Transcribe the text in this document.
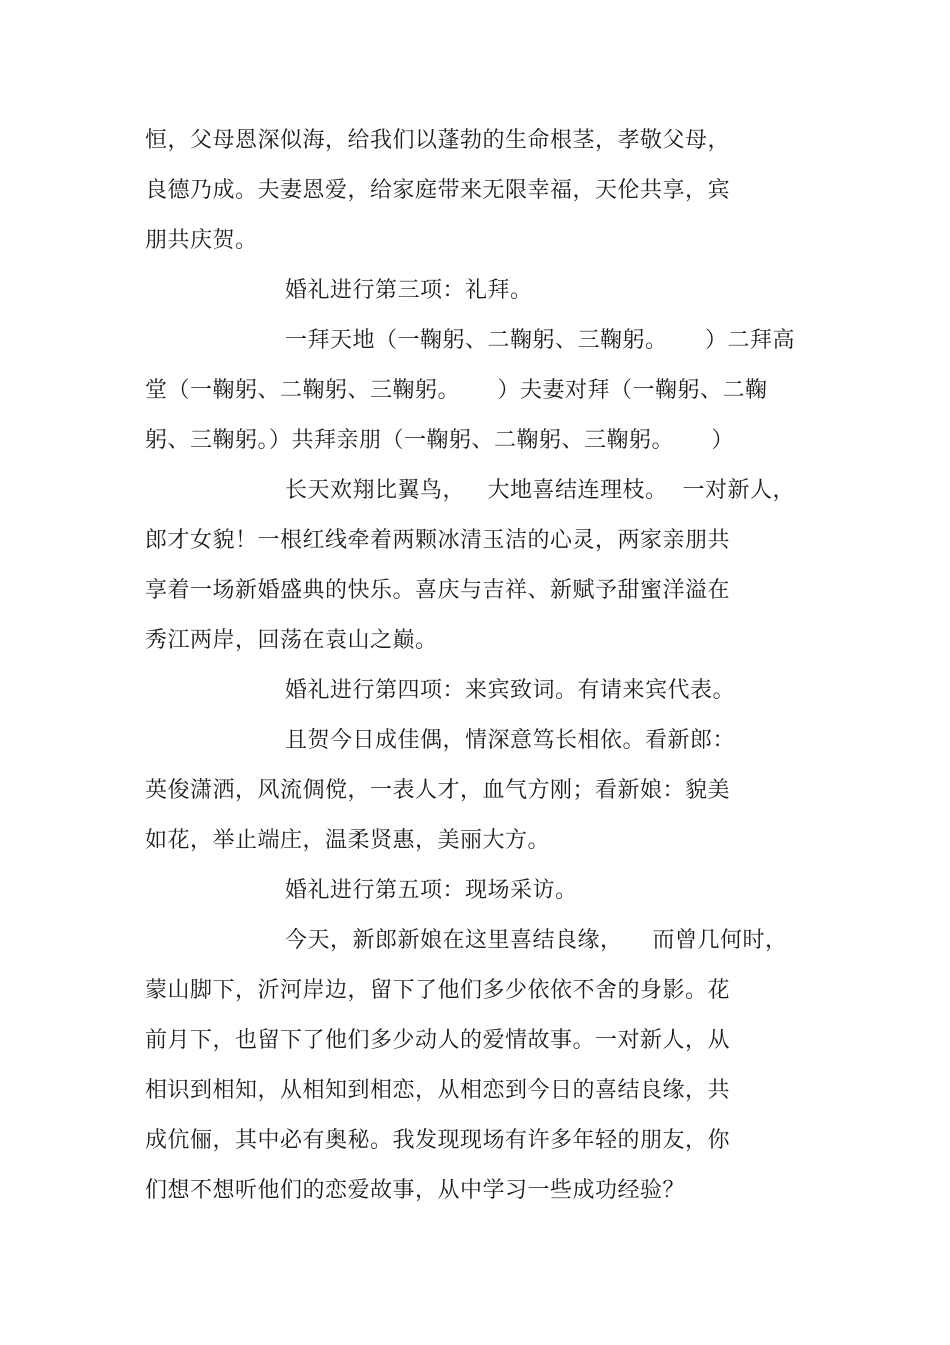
恒，父母恩深似海，给我们以蓬勃的生命根茎，孝敬父母，
良德乃成。夫妻恩爱，给家庭带来无限幸福，天伦共享，宾
朋共庆贺。
婚礼进行第三项：礼拜。
一拜天地（一鞠躬、二鞠躬、三鞠躬。     ）二拜高
堂（一鞠躬、二鞠躬、三鞠躬。     ）夫妻对拜（一鞠躬、二鞠
躬、三鞠躬。）共拜亲朋（一鞠躬、二鞠躬、三鞠躬。     ）
长天欢翔比翼鸟，   大地喜结连理枝。  一对新人，
郎才女貌！一根红线牵着两颗冰清玉洁的心灵，两家亲朋共
享着一场新婚盛典的快乐。喜庆与吉祥、新赋予甜蜜洋溢在
秀江两岸，回荡在袁山之巅。
婚礼进行第四项：来宾致词。有请来宾代表。
且贺今日成佳偶，情深意笃长相依。看新郎：
英俊潇洒，风流倜傥，一表人才，血气方刚；看新娘：貌美
如花，举止端庄，温柔贤惠，美丽大方。
婚礼进行第五项：现场采访。
今天，新郎新娘在这里喜结良缘，    而曾几何时，
蒙山脚下，沂河岸边，留下了他们多少依依不舍的身影。花
前月下，也留下了他们多少动人的爱情故事。一对新人，从
相识到相知，从相知到相恋，从相恋到今日的喜结良缘，共
成伉俪，其中必有奥秘。我发现现场有许多年轻的朋友，你
们想不想听他们的恋爱故事，从中学习一些成功经验？
